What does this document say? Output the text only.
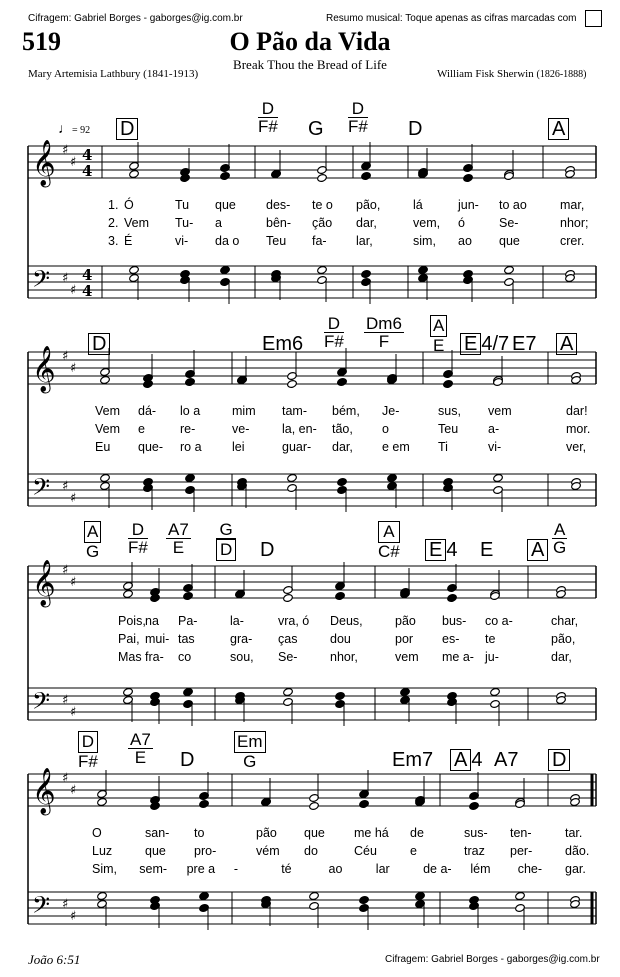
Cifragem: Gabriel Borges - gaborges@ig.com.br	Resumo musical: Toque apenas as cifras marcadas com
519	O Pão da Vida
Break Thou the Bread of Life
Mary Artemisia Lathbury (1841-1913)	William Fisk Sherwin (1826-1888)
♩= 92
𝄞
𝄢
♯
♯
♯
♯
4
4
4
4
𝄞
𝄢
♯
♯
♯
♯
𝄞
𝄢
♯
♯
♯
♯
𝄞
𝄢
♯
♯
♯
♯
D	$\frac{D}{F\#}$ G $\frac{D}{F\#}$ D	A
D	$Em6 \frac{D}{F\#} \frac{Dm6}{F} \frac{A}{E}$ E 4/7 E7 A
$\frac{A}{G} \frac{D}{F\#} \frac{A7}{E} \frac{G}{D}$ D	$\frac{A}{C\#}$ E 4 E A $\frac{A}{G}$
$\frac{D}{F\#} \frac{A7}{E}$ D $\frac{Em}{G}$	Em7 A 4 A7 D
1. Ó	Tu que des- te o pão,	lá	jun- to ao	mar,
2. Vem Tu- a	bên- ção dar,	vem, ó	Se-	nhor;
3. É	vi- da o Teu fa- lar,	sim, ao que	crer.
Vem dá- lo a	mim tam- bém, Je-	sus, vem	dar!
Vem e	re-	ve-	la, en- tão, o	Teu a-	mor.
Eu que- ro a lei	guar- dar, e em Ti	vi-	ver,
Pois, na Pa-	la-	vra, ó Deus,	pão bus- co a-	char,
Pai, mui- tas	gra- ças	dou	por es- te	pão,
Mas fra- co	sou, Se-	nhor,	vem me a- ju-	dar,
O	san- to	pão que me há de	sus- ten-	tar.
Luz	que pro-	vém do	Céu	e	traz per-	dão.
Sim, sem- pre a -	té	ao	lar	de a- lém che- gar.
João 6:51	Cifragem: Gabriel Borges - gaborges@ig.com.br
